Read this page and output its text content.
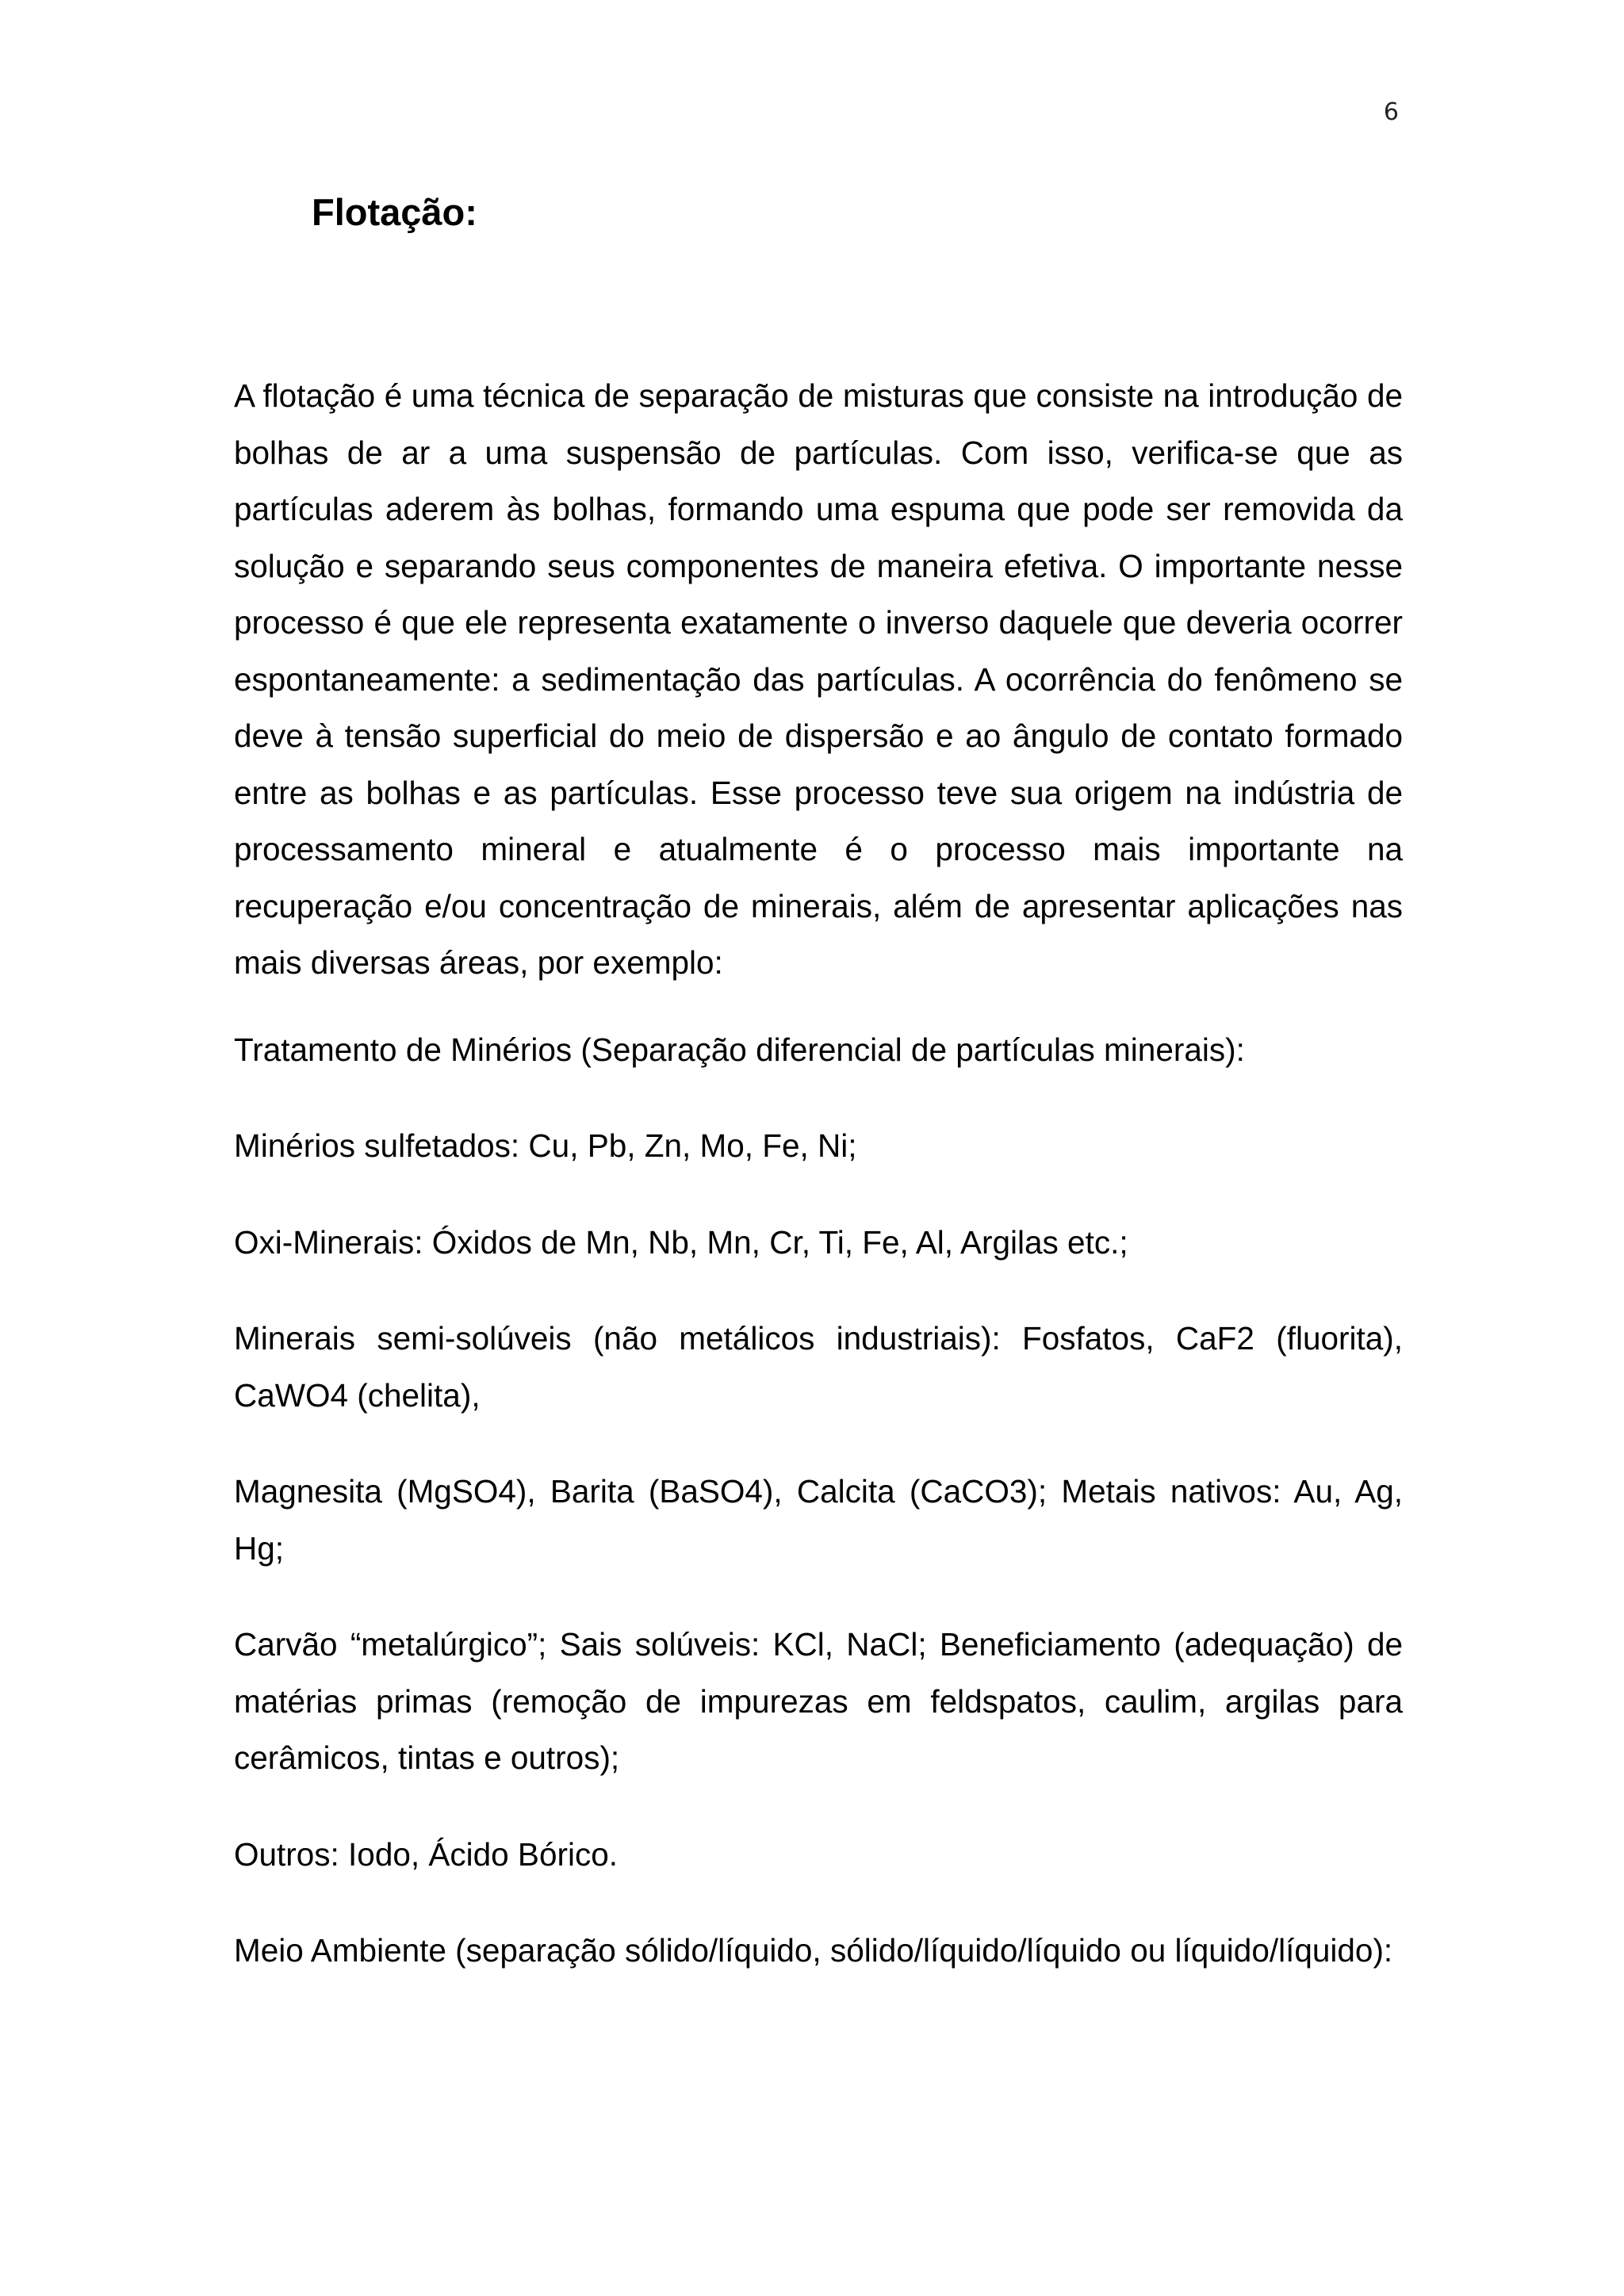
6
Flotação:

A flotação é uma técnica de separação de misturas que consiste na introdução de bolhas de ar a uma suspensão de partículas. Com isso, verifica-se que as partículas aderem às bolhas, formando uma espuma que pode ser removida da solução e separando seus componentes de maneira efetiva. O importante nesse processo é que ele representa exatamente o inverso daquele que deveria ocorrer espontaneamente: a sedimentação das partículas. A ocorrência do fenômeno se deve à tensão superficial do meio de dispersão e ao ângulo de contato formado entre as bolhas e as partículas. Esse processo teve sua origem na indústria de processamento mineral e atualmente é o processo mais importante na recuperação e/ou concentração de minerais, além de apresentar aplicações nas mais diversas áreas, por exemplo:

Tratamento de Minérios (Separação diferencial de partículas minerais):

Minérios sulfetados: Cu, Pb, Zn, Mo, Fe, Ni;

Oxi-Minerais: Óxidos de Mn, Nb, Mn, Cr, Ti, Fe, Al, Argilas etc.;

Minerais semi-solúveis (não metálicos industriais): Fosfatos, CaF2 (fluorita), CaWO4 (chelita),

Magnesita (MgSO4), Barita (BaSO4), Calcita (CaCO3); Metais nativos: Au, Ag, Hg;

Carvão “metalúrgico”; Sais solúveis: KCl, NaCl; Beneficiamento (adequação) de matérias primas (remoção de impurezas em feldspatos, caulim, argilas para cerâmicos, tintas e outros);

Outros: Iodo, Ácido Bórico.

Meio Ambiente (separação sólido/líquido, sólido/líquido/líquido ou líquido/líquido):
